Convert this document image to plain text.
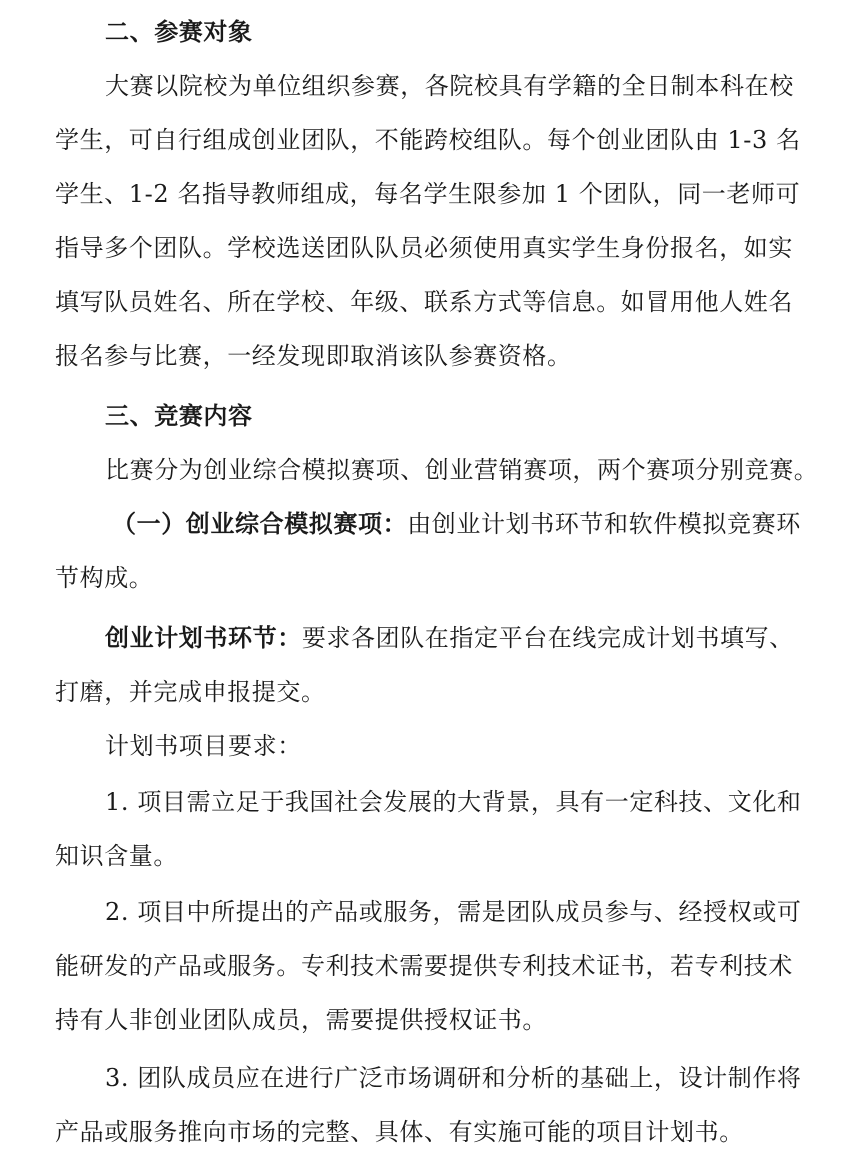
二、参赛对象
大赛以院校为单位组织参赛，各院校具有学籍的全日制本科在校
学生，可自行组成创业团队，不能跨校组队。每个创业团队由 1-3 名
学生、1-2 名指导教师组成，每名学生限参加 1 个团队，同一老师可
指导多个团队。学校选送团队队员必须使用真实学生身份报名，如实
填写队员姓名、所在学校、年级、联系方式等信息。如冒用他人姓名
报名参与比赛，一经发现即取消该队参赛资格。
三、竞赛内容
比赛分为创业综合模拟赛项、创业营销赛项，两个赛项分别竞赛。
（一）创业综合模拟赛项：由创业计划书环节和软件模拟竞赛环
节构成。
创业计划书环节：要求各团队在指定平台在线完成计划书填写、
打磨，并完成申报提交。
计划书项目要求：
1. 项目需立足于我国社会发展的大背景，具有一定科技、文化和
知识含量。
2. 项目中所提出的产品或服务，需是团队成员参与、经授权或可
能研发的产品或服务。专利技术需要提供专利技术证书，若专利技术
持有人非创业团队成员，需要提供授权证书。
3. 团队成员应在进行广泛市场调研和分析的基础上，设计制作将
产品或服务推向市场的完整、具体、有实施可能的项目计划书。
